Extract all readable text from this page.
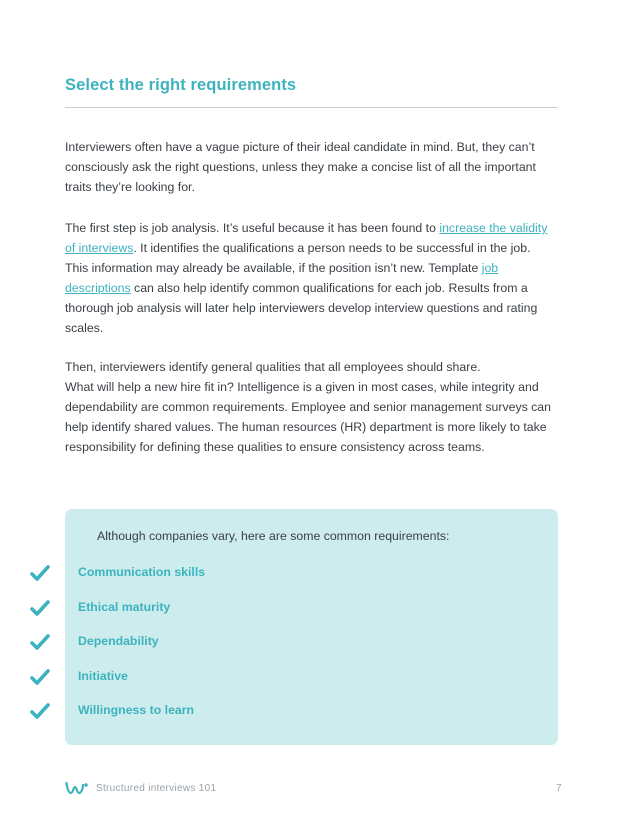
Select the right requirements

Interviewers often have a vague picture of their ideal candidate in mind. But, they can’t consciously ask the right questions, unless they make a concise list of all the important traits they’re looking for.

The first step is job analysis. It’s useful because it has been found to increase the validity of interviews. It identifies the qualifications a person needs to be successful in the job. This information may already be available, if the position isn’t new. Template job descriptions can also help identify common qualifications for each job. Results from a thorough job analysis will later help interviewers develop interview questions and rating scales.

Then, interviewers identify general qualities that all employees should share.
What will help a new hire fit in? Intelligence is a given in most cases, while integrity and dependability are common requirements. Employee and senior management surveys can help identify shared values. The human resources (HR) department is more likely to take responsibility for defining these qualities to ensure consistency across teams.

Although companies vary, here are some common requirements:
Communication skills
Ethical maturity
Dependability
Initiative
Willingness to learn
Structured interviews 101	7
